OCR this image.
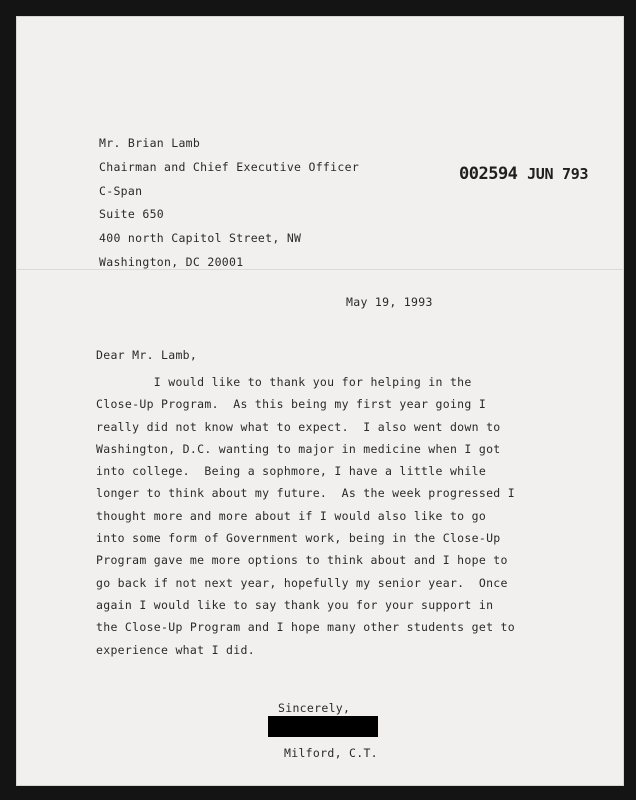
002594 JUN 793
Mr. Brian Lamb
Chairman and Chief Executive Officer
C-Span
Suite 650
400 north Capitol Street, NW
Washington, DC 20001
May 19, 1993
Dear Mr. Lamb,
I would like to thank you for helping in the
Close-Up Program.  As this being my first year going I
really did not know what to expect.  I also went down to
Washington, D.C. wanting to major in medicine when I got
into college.  Being a sophmore, I have a little while
longer to think about my future.  As the week progressed I
thought more and more about if I would also like to go
into some form of Government work, being in the Close-Up
Program gave me more options to think about and I hope to
go back if not next year, hopefully my senior year.  Once
again I would like to say thank you for your support in
the Close-Up Program and I hope many other students get to
experience what I did.
Sincerely,
Milford, C.T.
